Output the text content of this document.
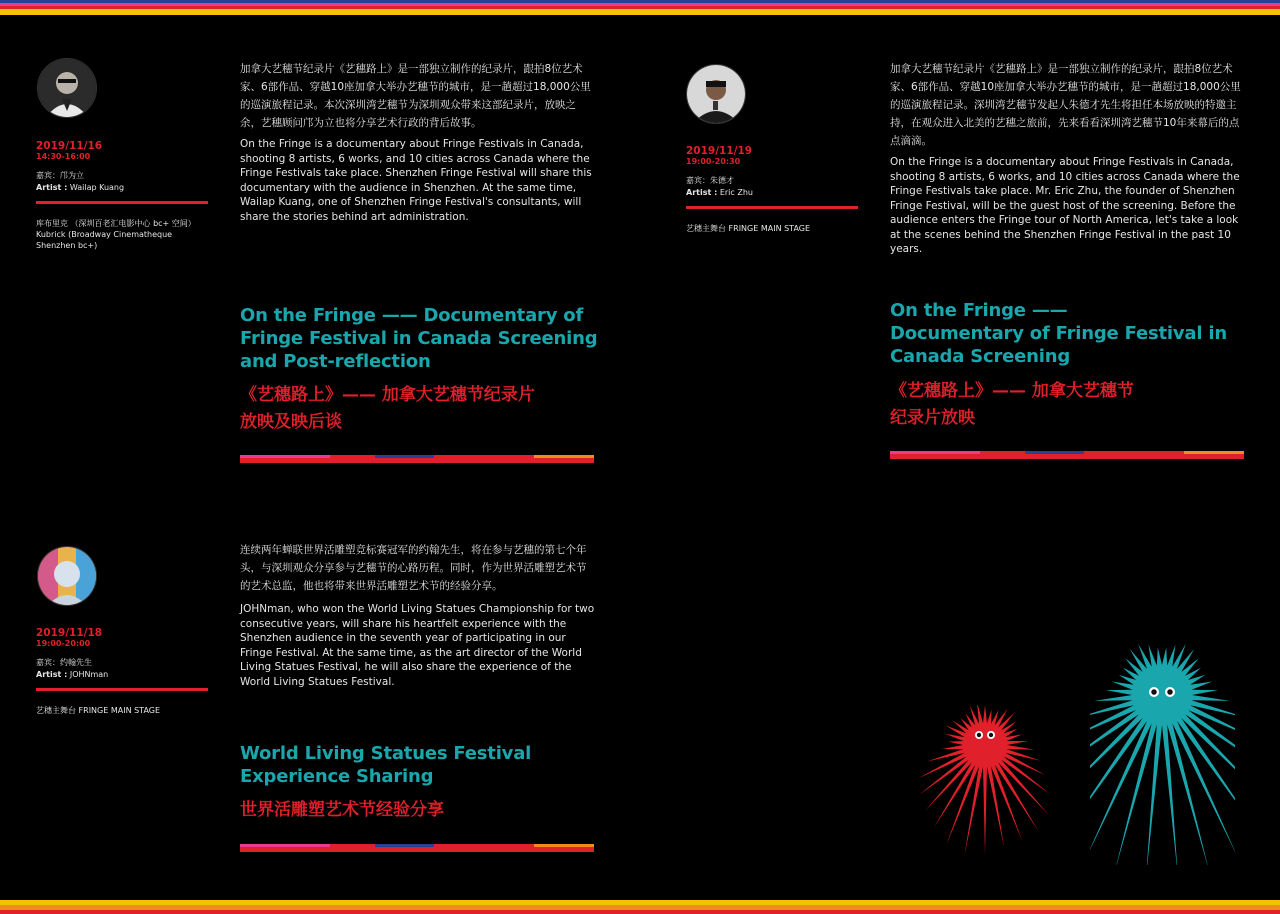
2019/11/16
14:30-16:00
嘉宾：邝为立
Artist : Wailap Kuang
库布里克 （深圳百老汇电影中心 bc+ 空间）
Kubrick (Broadway Cinematheque
Shenzhen bc+)
加拿大艺穗节纪录片《艺穗路上》是一部独立制作的纪录片，跟拍8位艺术家、6部作品、穿越10座加拿大举办艺穗节的城市，是一趟超过18,000公里的巡演旅程记录。本次深圳湾艺穗节为深圳观众带来这部纪录片，放映之余，艺穗顾问邝为立也将分享艺术行政的背后故事。
On the Fringe is a documentary about Fringe Festivals in Canada, shooting 8 artists, 6 works, and 10 cities across Canada where the Fringe Festivals take place. Shenzhen Fringe Festival will share this documentary with the audience in Shenzhen. At the same time, Wailap Kuang, one of Shenzhen Fringe Festival's consultants, will share the stories behind art administration.
On the Fringe —— Documentary of
Fringe Festival in Canada Screening
and Post-reflection
《艺穗路上》—— 加拿大艺穗节纪录片
放映及映后谈
2019/11/19
19:00-20:30
嘉宾：朱德才
Artist : Eric Zhu
艺穗主舞台 FRINGE MAIN STAGE
加拿大艺穗节纪录片《艺穗路上》是一部独立制作的纪录片，跟拍8位艺术家、6部作品、穿越10座加拿大举办艺穗节的城市，是一趟超过18,000公里的巡演旅程记录。深圳湾艺穗节发起人朱德才先生将担任本场放映的特邀主持，在观众进入北美的艺穗之旅前，先来看看深圳湾艺穗节10年来幕后的点点滴滴。
On the Fringe is a documentary about Fringe Festivals in Canada, shooting 8 artists, 6 works, and 10 cities across Canada where the Fringe Festivals take place. Mr. Eric Zhu, the founder of Shenzhen Fringe Festival, will be the guest host of the screening. Before the audience enters the Fringe tour of North America, let's take a look at the scenes behind the Shenzhen Fringe Festival in the past 10 years.
On the Fringe ——
Documentary of Fringe Festival in
Canada Screening
《艺穗路上》—— 加拿大艺穗节
纪录片放映
2019/11/18
19:00-20:00
嘉宾：约翰先生
Artist : JOHNman
艺穗主舞台 FRINGE MAIN STAGE
连续两年蝉联世界活雕塑竞标赛冠军的约翰先生，将在参与艺穗的第七个年头，与深圳观众分享参与艺穗节的心路历程。同时，作为世界活雕塑艺术节的艺术总监，他也将带来世界活雕塑艺术节的经验分享。
JOHNman, who won the World Living Statues Championship for two consecutive years, will share his heartfelt experience with the Shenzhen audience in the seventh year of participating in our Fringe Festival. At the same time, as the art director of the World Living Statues Festival, he will also share the experience of the World Living Statues Festival.
World Living Statues Festival
Experience Sharing
世界活雕塑艺术节经验分享
